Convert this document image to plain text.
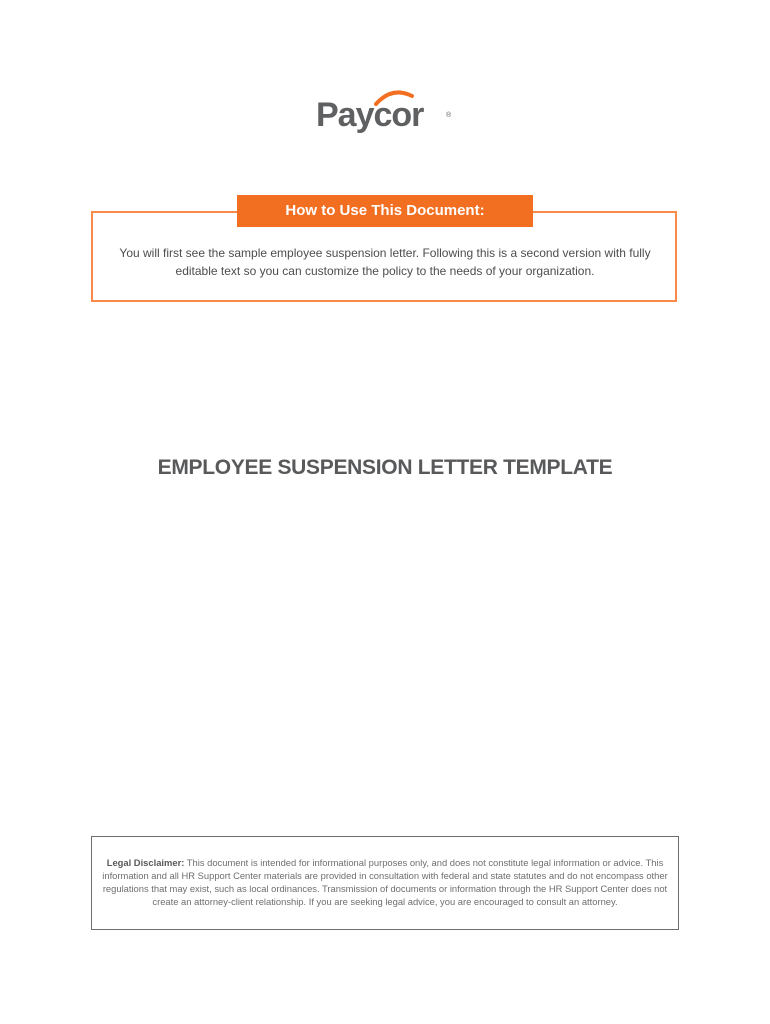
Paycor	®
How to Use This Document:
You will first see the sample employee suspension letter. Following this is a second version with fully editable text so you can customize the policy to the needs of your organization.
EMPLOYEE SUSPENSION LETTER TEMPLATE
Legal Disclaimer: This document is intended for informational purposes only, and does not constitute legal information or advice. This information and all HR Support Center materials are provided in consultation with federal and state statutes and do not encompass other regulations that may exist, such as local ordinances. Transmission of documents or information through the HR Support Center does not create an attorney-client relationship. If you are seeking legal advice, you are encouraged to consult an attorney.
